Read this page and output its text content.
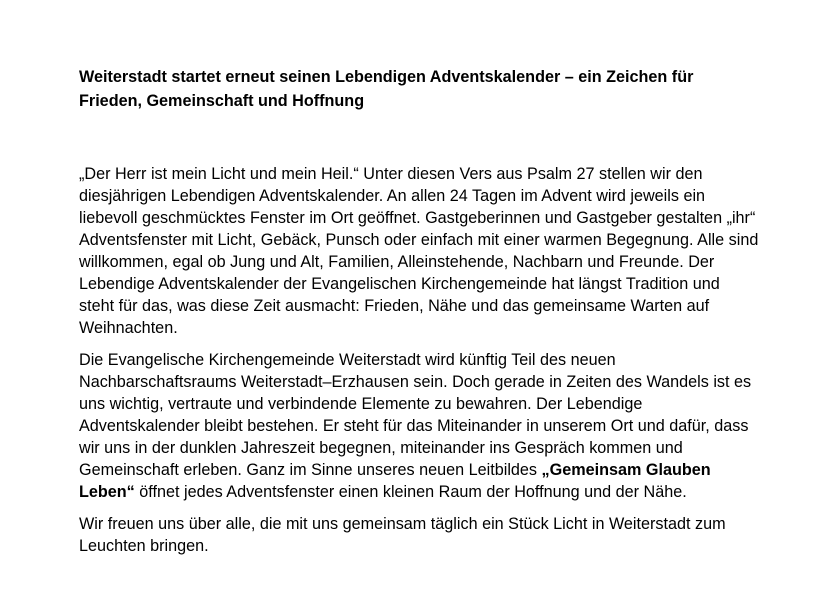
Weiterstadt startet erneut seinen Lebendigen Adventskalender – ein Zeichen für Frieden, Gemeinschaft und Hoffnung

„Der Herr ist mein Licht und mein Heil.“ Unter diesen Vers aus Psalm 27 stellen wir den diesjährigen Lebendigen Adventskalender. An allen 24 Tagen im Advent wird jeweils ein liebevoll geschmücktes Fenster im Ort geöffnet. Gastgeberinnen und Gastgeber gestalten „ihr“ Adventsfenster mit Licht, Gebäck, Punsch oder einfach mit einer warmen Begegnung. Alle sind willkommen, egal ob Jung und Alt, Familien, Alleinstehende, Nachbarn und Freunde. Der Lebendige Adventskalender der Evangelischen Kirchengemeinde hat längst Tradition und steht für das, was diese Zeit ausmacht: Frieden, Nähe und das gemeinsame Warten auf Weihnachten.

Die Evangelische Kirchengemeinde Weiterstadt wird künftig Teil des neuen Nachbarschaftsraums Weiterstadt–Erzhausen sein. Doch gerade in Zeiten des Wandels ist es uns wichtig, vertraute und verbindende Elemente zu bewahren. Der Lebendige Adventskalender bleibt bestehen. Er steht für das Miteinander in unserem Ort und dafür, dass wir uns in der dunklen Jahreszeit begegnen, miteinander ins Gespräch kommen und Gemeinschaft erleben. Ganz im Sinne unseres neuen Leitbildes „Gemeinsam Glauben Leben“ öffnet jedes Adventsfenster einen kleinen Raum der Hoffnung und der Nähe.

Wir freuen uns über alle, die mit uns gemeinsam täglich ein Stück Licht in Weiterstadt zum Leuchten bringen.
